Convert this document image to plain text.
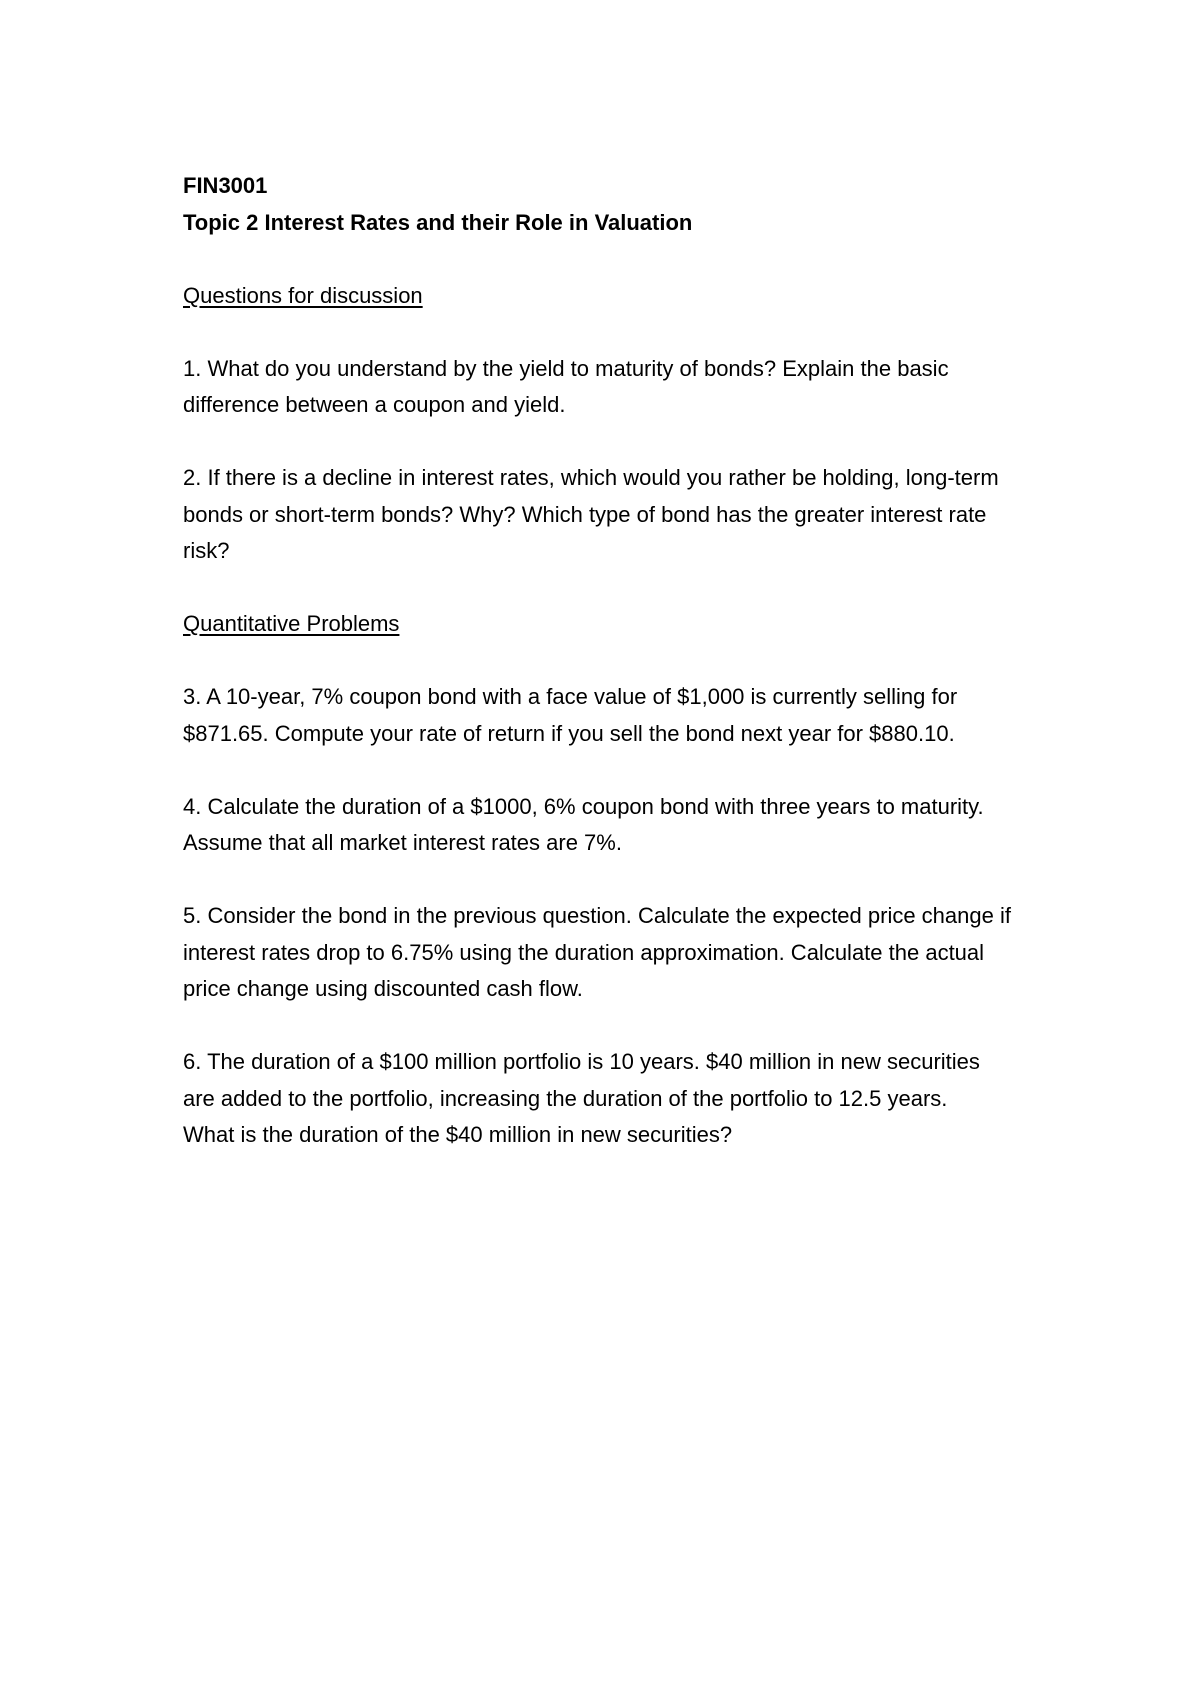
FIN3001
Topic 2 Interest Rates and their Role in Valuation
Questions for discussion
1. What do you understand by the yield to maturity of bonds? Explain the basic
difference between a coupon and yield.
2. If there is a decline in interest rates, which would you rather be holding, long-term
bonds or short-term bonds? Why? Which type of bond has the greater interest rate
risk?
Quantitative Problems
3. A 10-year, 7% coupon bond with a face value of $1,000 is currently selling for
$871.65. Compute your rate of return if you sell the bond next year for $880.10.
4. Calculate the duration of a $1000, 6% coupon bond with three years to maturity.
Assume that all market interest rates are 7%.
5. Consider the bond in the previous question. Calculate the expected price change if
interest rates drop to 6.75% using the duration approximation. Calculate the actual
price change using discounted cash flow.
6. The duration of a $100 million portfolio is 10 years. $40 million in new securities
are added to the portfolio, increasing the duration of the portfolio to 12.5 years.
What is the duration of the $40 million in new securities?
